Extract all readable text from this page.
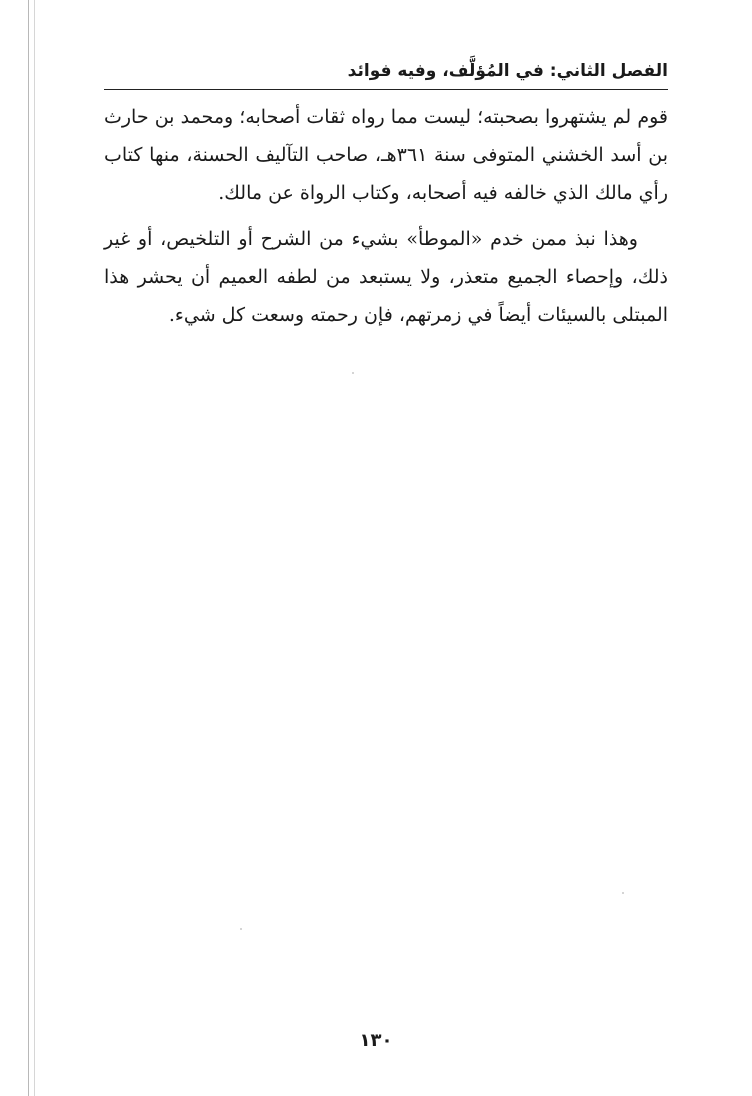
الفصل الثاني: في المُؤلَّف، وفيه فوائد

قوم لم يشتهروا بصحبته؛ ليست مما رواه ثقات أصحابه؛ ومحمد بن حارث بن أسد الخشني المتوفى سنة ٣٦١هـ، صاحب التآليف الحسنة، منها كتاب رأي مالك الذي خالفه فيه أصحابه، وكتاب الرواة عن مالك.

وهذا نبذ ممن خدم «الموطأ» بشيء من الشرح أو التلخيص، أو غير ذلك، وإحصاء الجميع متعذر، ولا يستبعد من لطفه العميم أن يحشر هذا المبتلى بالسيئات أيضاً في زمرتهم، فإن رحمته وسعت كل شيء.

١٣٠
